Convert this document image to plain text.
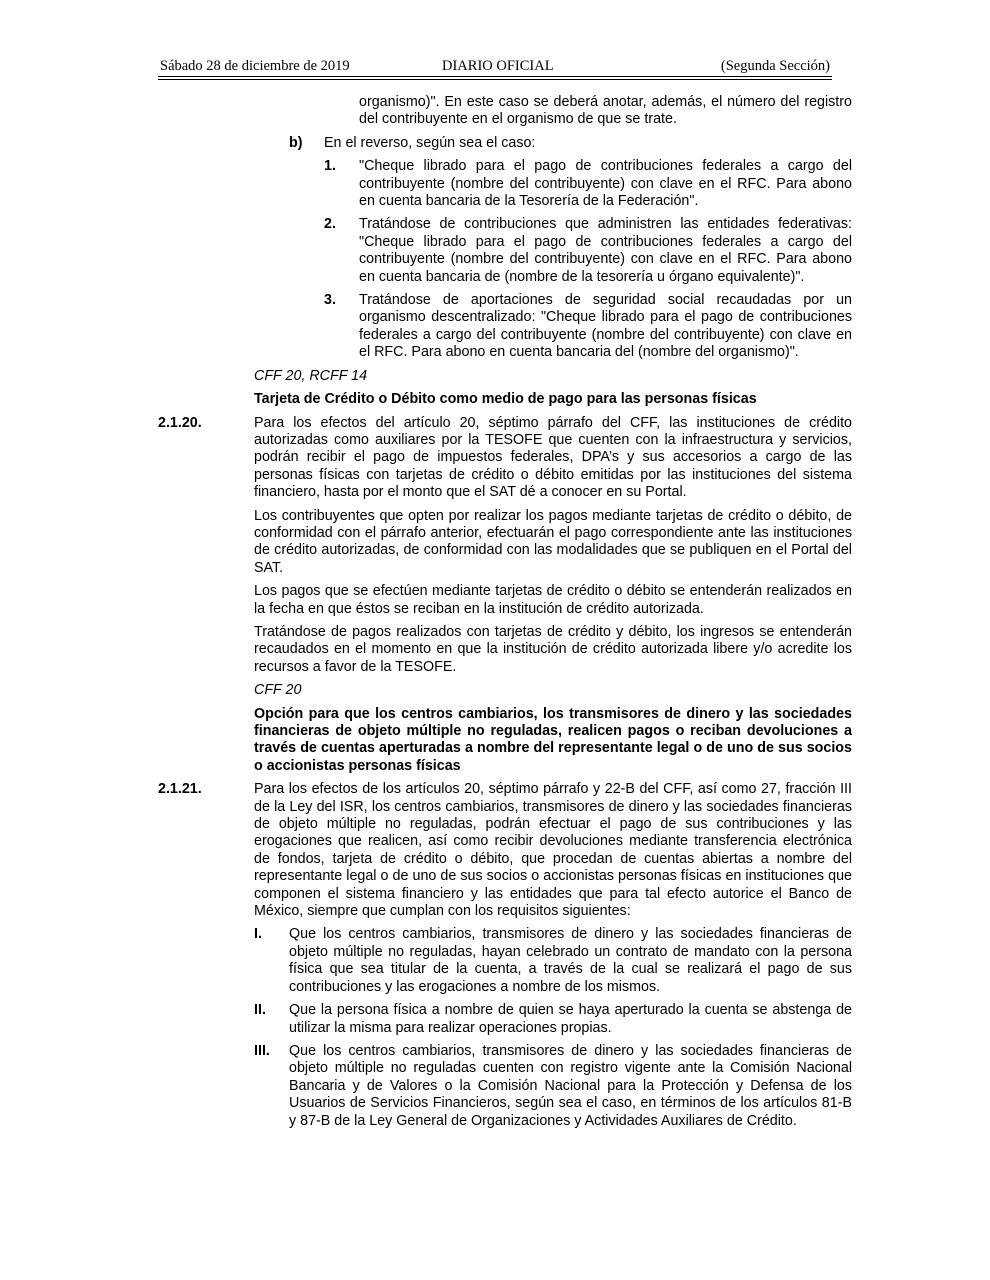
Sábado 28 de diciembre de 2019	DIARIO OFICIAL	(Segunda Sección)

organismo)". En este caso se deberá anotar, además, el número del registro del contribuyente en el organismo de que se trate.

b) En el reverso, según sea el caso:
1. "Cheque librado para el pago de contribuciones federales a cargo del contribuyente (nombre del contribuyente) con clave en el RFC. Para abono en cuenta bancaria de la Tesorería de la Federación".
2. Tratándose de contribuciones que administren las entidades federativas: "Cheque librado para el pago de contribuciones federales a cargo del contribuyente (nombre del contribuyente) con clave en el RFC. Para abono en cuenta bancaria de (nombre de la tesorería u órgano equivalente)".
3. Tratándose de aportaciones de seguridad social recaudadas por un organismo descentralizado: "Cheque librado para el pago de contribuciones federales a cargo del contribuyente (nombre del contribuyente) con clave en el RFC. Para abono en cuenta bancaria del (nombre del organismo)".

CFF 20, RCFF 14

Tarjeta de Crédito o Débito como medio de pago para las personas físicas

2.1.20.	Para los efectos del artículo 20, séptimo párrafo del CFF, las instituciones de crédito autorizadas como auxiliares por la TESOFE que cuenten con la infraestructura y servicios, podrán recibir el pago de impuestos federales, DPA’s y sus accesorios a cargo de las personas físicas con tarjetas de crédito o débito emitidas por las instituciones del sistema financiero, hasta por el monto que el SAT dé a conocer en su Portal.

Los contribuyentes que opten por realizar los pagos mediante tarjetas de crédito o débito, de conformidad con el párrafo anterior, efectuarán el pago correspondiente ante las instituciones de crédito autorizadas, de conformidad con las modalidades que se publiquen en el Portal del SAT.

Los pagos que se efectúen mediante tarjetas de crédito o débito se entenderán realizados en la fecha en que éstos se reciban en la institución de crédito autorizada.

Tratándose de pagos realizados con tarjetas de crédito y débito, los ingresos se entenderán recaudados en el momento en que la institución de crédito autorizada libere y/o acredite los recursos a favor de la TESOFE.

CFF 20

Opción para que los centros cambiarios, los transmisores de dinero y las sociedades financieras de objeto múltiple no reguladas, realicen pagos o reciban devoluciones a través de cuentas aperturadas a nombre del representante legal o de uno de sus socios o accionistas personas físicas

2.1.21.	Para los efectos de los artículos 20, séptimo párrafo y 22-B del CFF, así como 27, fracción III de la Ley del ISR, los centros cambiarios, transmisores de dinero y las sociedades financieras de objeto múltiple no reguladas, podrán efectuar el pago de sus contribuciones y las erogaciones que realicen, así como recibir devoluciones mediante transferencia electrónica de fondos, tarjeta de crédito o débito, que procedan de cuentas abiertas a nombre del representante legal o de uno de sus socios o accionistas personas físicas en instituciones que componen el sistema financiero y las entidades que para tal efecto autorice el Banco de México, siempre que cumplan con los requisitos siguientes:
I. Que los centros cambiarios, transmisores de dinero y las sociedades financieras de objeto múltiple no reguladas, hayan celebrado un contrato de mandato con la persona física que sea titular de la cuenta, a través de la cual se realizará el pago de sus contribuciones y las erogaciones a nombre de los mismos.
II. Que la persona física a nombre de quien se haya aperturado la cuenta se abstenga de utilizar la misma para realizar operaciones propias.
III. Que los centros cambiarios, transmisores de dinero y las sociedades financieras de objeto múltiple no reguladas cuenten con registro vigente ante la Comisión Nacional Bancaria y de Valores o la Comisión Nacional para la Protección y Defensa de los Usuarios de Servicios Financieros, según sea el caso, en términos de los artículos 81-B y 87-B de la Ley General de Organizaciones y Actividades Auxiliares de Crédito.
